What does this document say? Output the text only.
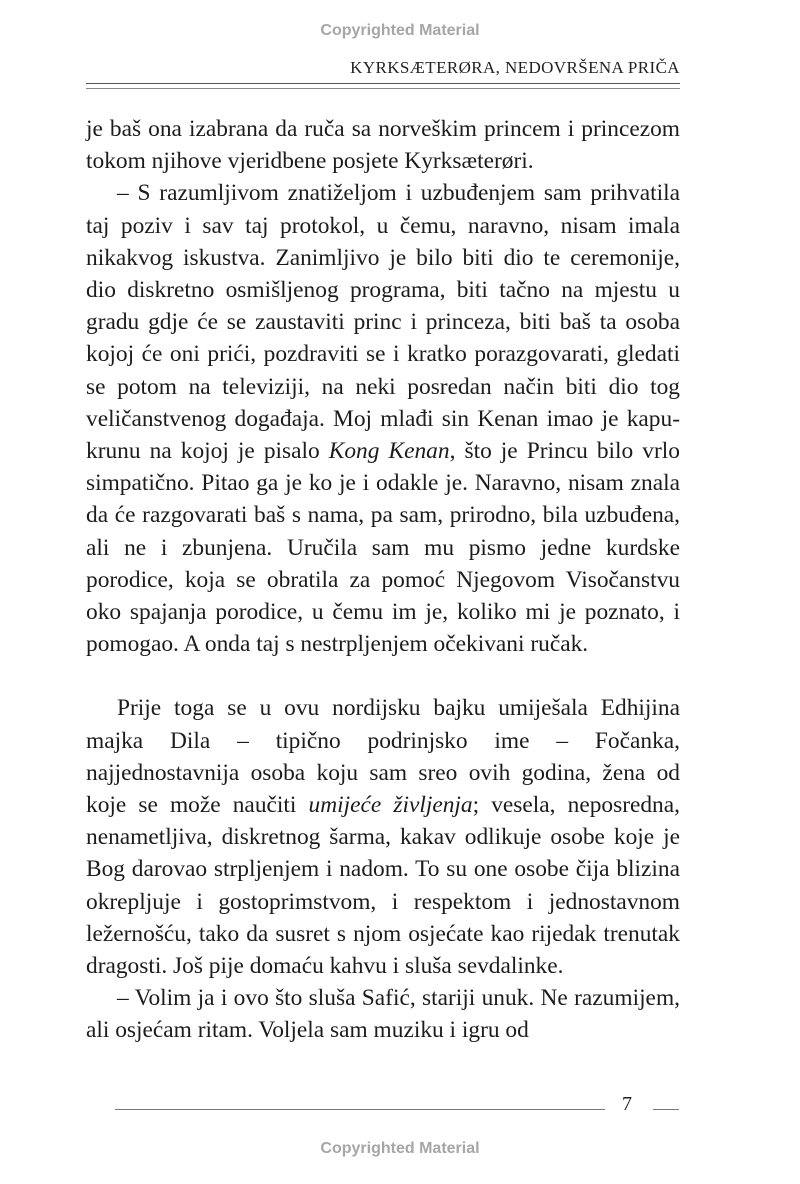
Copyrighted Material
KYRKSÆTERØRA, NEDOVRŠENA PRIČA

je baš ona izabrana da ruča sa norveškim princem i princezom tokom njihove vjeridbene posjete Kyrksæterøri.

– S razumljivom znatiželjom i uzbuđenjem sam prihvatila taj poziv i sav taj protokol, u čemu, naravno, nisam imala nikakvog iskustva. Zanimljivo je bilo biti dio te ceremonije, dio diskretno osmišljenog programa, biti tačno na mjestu u gradu gdje će se zaustaviti princ i princeza, biti baš ta osoba kojoj će oni prići, pozdraviti se i kratko porazgovarati, gledati se potom na televiziji, na neki posredan način biti dio tog veličanstvenog događaja. Moj mlađi sin Kenan imao je kapu-krunu na kojoj je pisalo Kong Kenan, što je Princu bilo vrlo simpatično. Pitao ga je ko je i odakle je. Naravno, nisam znala da će razgovarati baš s nama, pa sam, prirodno, bila uzbuđena, ali ne i zbunjena. Uručila sam mu pismo jedne kurdske porodice, koja se obratila za pomoć Njegovom Visočanstvu oko spajanja porodice, u čemu im je, koliko mi je poznato, i pomogao. A onda taj s nestrpljenjem očekivani ručak.

Prije toga se u ovu nordijsku bajku umiješala Edhijina majka Dila – tipično podrinjsko ime – Fočanka, najjednostavnija osoba koju sam sreo ovih godina, žena od koje se može naučiti umijeće življenja; vesela, neposredna, nenametljiva, diskretnog šarma, kakav odlikuje osobe koje je Bog darovao strpljenjem i nadom. To su one osobe čija blizina okrepljuje i gostoprimstvom, i respektom i jednostavnom ležernošću, tako da susret s njom osjećate kao rijedak trenutak dragosti. Još pije domaću kahvu i sluša sevdalinke.

– Volim ja i ovo što sluša Safić, stariji unuk. Ne razumijem, ali osjećam ritam. Voljela sam muziku i igru od

7
Copyrighted Material
